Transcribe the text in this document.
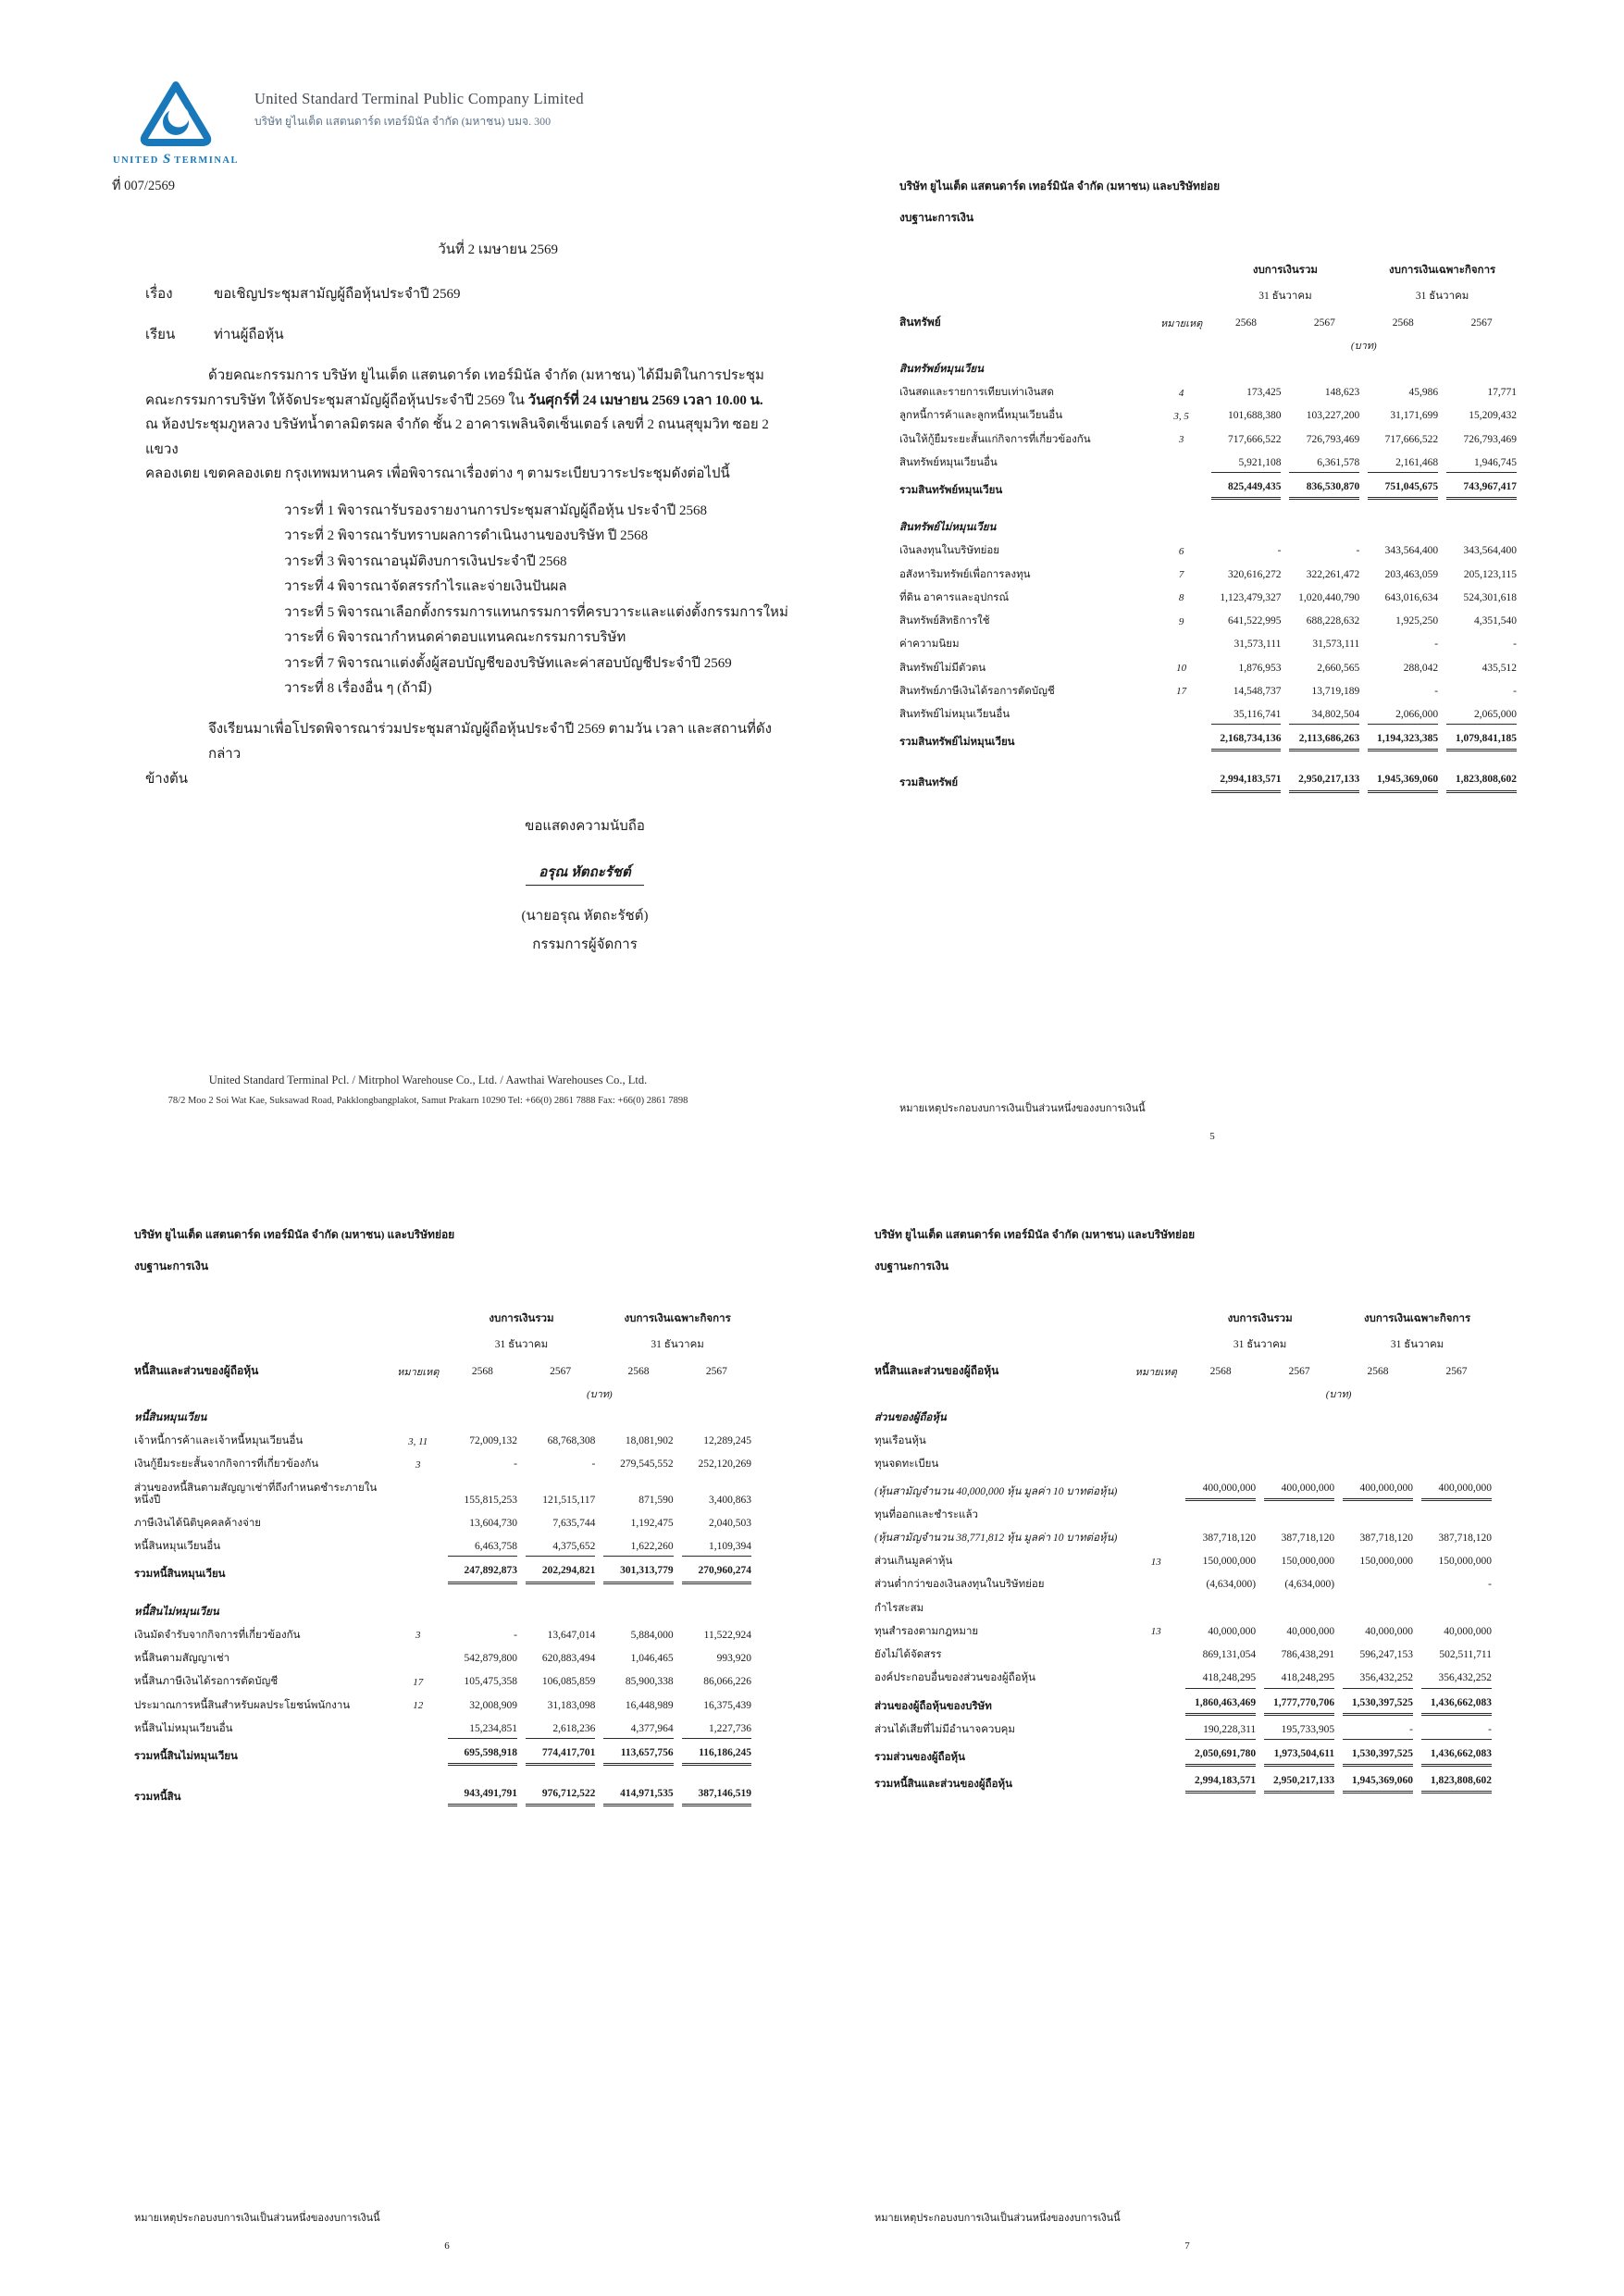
UNITED S TERMINAL
ที่ 007/2569
United Standard Terminal Public Company Limited
บริษัท ยูไนเต็ด แสตนดาร์ด เทอร์มินัล จำกัด (มหาชน) บมจ. 300
วันที่ 2 เมษายน 2569
เรื่อง	ขอเชิญประชุมสามัญผู้ถือหุ้นประจำปี 2569
เรียน	ท่านผู้ถือหุ้น
ด้วยคณะกรรมการ บริษัท ยูไนเต็ด แสตนดาร์ด เทอร์มินัล จำกัด (มหาชน) ได้มีมติในการประชุม
คณะกรรมการบริษัท ให้จัดประชุมสามัญผู้ถือหุ้นประจำปี 2569 ใน วันศุกร์ที่ 24 เมษายน 2569 เวลา 10.00 น.
ณ ห้องประชุมภูหลวง บริษัทน้ำตาลมิตรผล จำกัด ชั้น 2 อาคารเพลินจิตเซ็นเตอร์ เลขที่ 2 ถนนสุขุมวิท ซอย 2 แขวง
คลองเตย เขตคลองเตย กรุงเทพมหานคร เพื่อพิจารณาเรื่องต่าง ๆ ตามระเบียบวาระประชุมดังต่อไปนี้
วาระที่ 1 พิจารณารับรองรายงานการประชุมสามัญผู้ถือหุ้น ประจำปี 2568
วาระที่ 2 พิจารณารับทราบผลการดำเนินงานของบริษัท ปี 2568
วาระที่ 3 พิจารณาอนุมัติงบการเงินประจำปี 2568
วาระที่ 4 พิจารณาจัดสรรกำไรและจ่ายเงินปันผล
วาระที่ 5 พิจารณาเลือกตั้งกรรมการแทนกรรมการที่ครบวาระและแต่งตั้งกรรมการใหม่
วาระที่ 6 พิจารณากำหนดค่าตอบแทนคณะกรรมการบริษัท
วาระที่ 7 พิจารณาแต่งตั้งผู้สอบบัญชีของบริษัทและค่าสอบบัญชีประจำปี 2569
วาระที่ 8 เรื่องอื่น ๆ (ถ้ามี)
จึงเรียนมาเพื่อโปรดพิจารณาร่วมประชุมสามัญผู้ถือหุ้นประจำปี 2569 ตามวัน เวลา และสถานที่ดังกล่าว
ข้างต้น
ขอแสดงความนับถือ
อรุณ หัตถะรัชต์
(นายอรุณ หัตถะรัชต์)
กรรมการผู้จัดการ
United Standard Terminal Pcl. / Mitrphol Warehouse Co., Ltd. / Aawthai Warehouses Co., Ltd.
78/2 Moo 2 Soi Wat Kae, Suksawad Road, Pakklongbangplakot, Samut Prakarn 10290 Tel: +66(0) 2861 7888 Fax: +66(0) 2861 7898
บริษัท ยูไนเต็ด แสตนดาร์ด เทอร์มินัล จำกัด (มหาชน) และบริษัทย่อย
งบฐานะการเงิน
		งบการเงินรวม		งบการเงินเฉพาะกิจการ	
		31 ธันวาคม		31 ธันวาคม	
สินทรัพย์	หมายเหตุ	2568	2567	2568	2567
		(บาท)			
สินทรัพย์หมุนเวียน					
เงินสดและรายการเทียบเท่าเงินสด	4	173,425	148,623	45,986	17,771
ลูกหนี้การค้าและลูกหนี้หมุนเวียนอื่น	3, 5	101,688,380	103,227,200	31,171,699	15,209,432
เงินให้กู้ยืมระยะสั้นแก่กิจการที่เกี่ยวข้องกัน	3	717,666,522	726,793,469	717,666,522	726,793,469
สินทรัพย์หมุนเวียนอื่น		5,921,108	6,361,578	2,161,468	1,946,745
รวมสินทรัพย์หมุนเวียน		825,449,435	836,530,870	751,045,675	743,967,417

สินทรัพย์ไม่หมุนเวียน					
เงินลงทุนในบริษัทย่อย	6	-	-	343,564,400	343,564,400
อสังหาริมทรัพย์เพื่อการลงทุน	7	320,616,272	322,261,472	203,463,059	205,123,115
ที่ดิน อาคารและอุปกรณ์	8	1,123,479,327	1,020,440,790	643,016,634	524,301,618
สินทรัพย์สิทธิการใช้	9	641,522,995	688,228,632	1,925,250	4,351,540
ค่าความนิยม		31,573,111	31,573,111	-	-
สินทรัพย์ไม่มีตัวตน	10	1,876,953	2,660,565	288,042	435,512
สินทรัพย์ภาษีเงินได้รอการตัดบัญชี	17	14,548,737	13,719,189	-	-
สินทรัพย์ไม่หมุนเวียนอื่น		35,116,741	34,802,504	2,066,000	2,065,000
รวมสินทรัพย์ไม่หมุนเวียน		2,168,734,136	2,113,686,263	1,194,323,385	1,079,841,185

รวมสินทรัพย์		2,994,183,571	2,950,217,133	1,945,369,060	1,823,808,602
หมายเหตุประกอบงบการเงินเป็นส่วนหนึ่งของงบการเงินนี้
5
บริษัท ยูไนเต็ด แสตนดาร์ด เทอร์มินัล จำกัด (มหาชน) และบริษัทย่อย
งบฐานะการเงิน
		งบการเงินรวม		งบการเงินเฉพาะกิจการ	
		31 ธันวาคม		31 ธันวาคม	
หนี้สินและส่วนของผู้ถือหุ้น	หมายเหตุ	2568	2567	2568	2567
		(บาท)			
หนี้สินหมุนเวียน					
เจ้าหนี้การค้าและเจ้าหนี้หมุนเวียนอื่น	3, 11	72,009,132	68,768,308	18,081,902	12,289,245
เงินกู้ยืมระยะสั้นจากกิจการที่เกี่ยวข้องกัน	3	-	-	279,545,552	252,120,269
ส่วนของหนี้สินตามสัญญาเช่าที่ถึงกำหนดชำระภายในหนึ่งปี		155,815,253	121,515,117	871,590	3,400,863
ภาษีเงินได้นิติบุคคลค้างจ่าย		13,604,730	7,635,744	1,192,475	2,040,503
หนี้สินหมุนเวียนอื่น		6,463,758	4,375,652	1,622,260	1,109,394
รวมหนี้สินหมุนเวียน		247,892,873	202,294,821	301,313,779	270,960,274

หนี้สินไม่หมุนเวียน					
เงินมัดจำรับจากกิจการที่เกี่ยวข้องกัน	3	-	13,647,014	5,884,000	11,522,924
หนี้สินตามสัญญาเช่า		542,879,800	620,883,494	1,046,465	993,920
หนี้สินภาษีเงินได้รอการตัดบัญชี	17	105,475,358	106,085,859	85,900,338	86,066,226
ประมาณการหนี้สินสำหรับผลประโยชน์พนักงาน	12	32,008,909	31,183,098	16,448,989	16,375,439
หนี้สินไม่หมุนเวียนอื่น		15,234,851	2,618,236	4,377,964	1,227,736
รวมหนี้สินไม่หมุนเวียน		695,598,918	774,417,701	113,657,756	116,186,245

รวมหนี้สิน		943,491,791	976,712,522	414,971,535	387,146,519
หมายเหตุประกอบงบการเงินเป็นส่วนหนึ่งของงบการเงินนี้
6
บริษัท ยูไนเต็ด แสตนดาร์ด เทอร์มินัล จำกัด (มหาชน) และบริษัทย่อย
งบฐานะการเงิน
		งบการเงินรวม		งบการเงินเฉพาะกิจการ	
		31 ธันวาคม		31 ธันวาคม	
หนี้สินและส่วนของผู้ถือหุ้น	หมายเหตุ	2568	2567	2568	2567
		(บาท)			
ส่วนของผู้ถือหุ้น					
ทุนเรือนหุ้น					
ทุนจดทะเบียน					
(หุ้นสามัญจำนวน 40,000,000 หุ้น มูลค่า 10 บาทต่อหุ้น)		400,000,000	400,000,000	400,000,000	400,000,000
ทุนที่ออกและชำระแล้ว					
(หุ้นสามัญจำนวน 38,771,812 หุ้น มูลค่า 10 บาทต่อหุ้น)		387,718,120	387,718,120	387,718,120	387,718,120
ส่วนเกินมูลค่าหุ้น	13	150,000,000	150,000,000	150,000,000	150,000,000
ส่วนต่ำกว่าของเงินลงทุนในบริษัทย่อย		(4,634,000)	(4,634,000)		-
กำไรสะสม					
ทุนสำรองตามกฎหมาย	13	40,000,000	40,000,000	40,000,000	40,000,000
ยังไม่ได้จัดสรร		869,131,054	786,438,291	596,247,153	502,511,711
องค์ประกอบอื่นของส่วนของผู้ถือหุ้น		418,248,295	418,248,295	356,432,252	356,432,252
ส่วนของผู้ถือหุ้นของบริษัท		1,860,463,469	1,777,770,706	1,530,397,525	1,436,662,083
ส่วนได้เสียที่ไม่มีอำนาจควบคุม		190,228,311	195,733,905	-	-
รวมส่วนของผู้ถือหุ้น		2,050,691,780	1,973,504,611	1,530,397,525	1,436,662,083
รวมหนี้สินและส่วนของผู้ถือหุ้น		2,994,183,571	2,950,217,133	1,945,369,060	1,823,808,602
หมายเหตุประกอบงบการเงินเป็นส่วนหนึ่งของงบการเงินนี้
7
